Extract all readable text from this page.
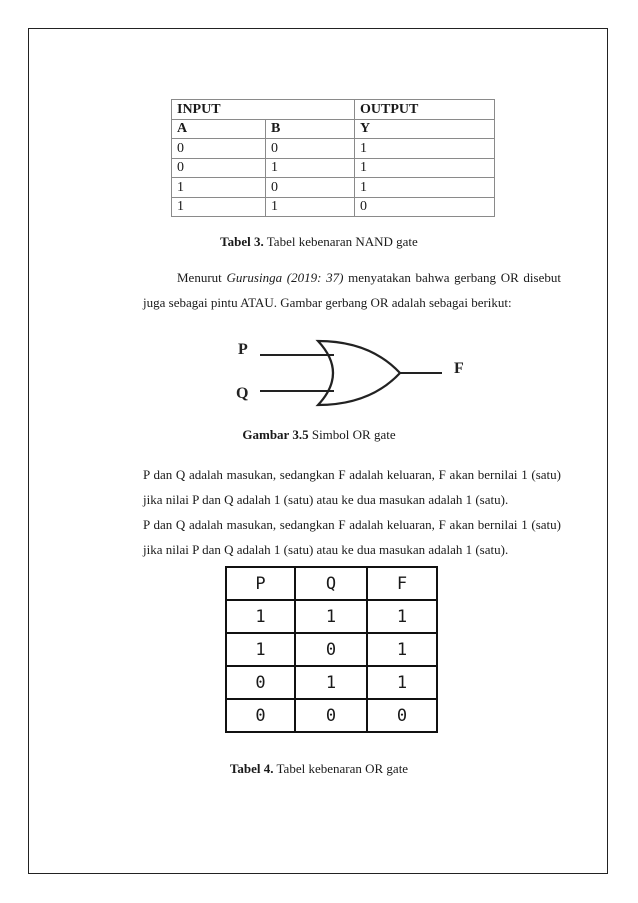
INPUT		OUTPUT
A	B	Y
0	0	1
0	1	1
1	0	1
1	1	0
Tabel 3. Tabel kebenaran NAND gate

Menurut Gurusinga (2019: 37) menyatakan bahwa gerbang OR disebut juga sebagai pintu ATAU. Gambar gerbang OR adalah sebagai berikut:

P
Q
F
Gambar 3.5 Simbol OR gate

P dan Q adalah masukan, sedangkan F adalah keluaran, F akan bernilai 1 (satu) jika nilai P dan Q adalah 1 (satu) atau ke dua masukan adalah 1 (satu).

P dan Q adalah masukan, sedangkan F adalah keluaran, F akan bernilai 1 (satu) jika nilai P dan Q adalah 1 (satu) atau ke dua masukan adalah 1 (satu).

P	Q	F
1	1	1
1	0	1
0	1	1
0	0	0
Tabel 4. Tabel kebenaran OR gate
